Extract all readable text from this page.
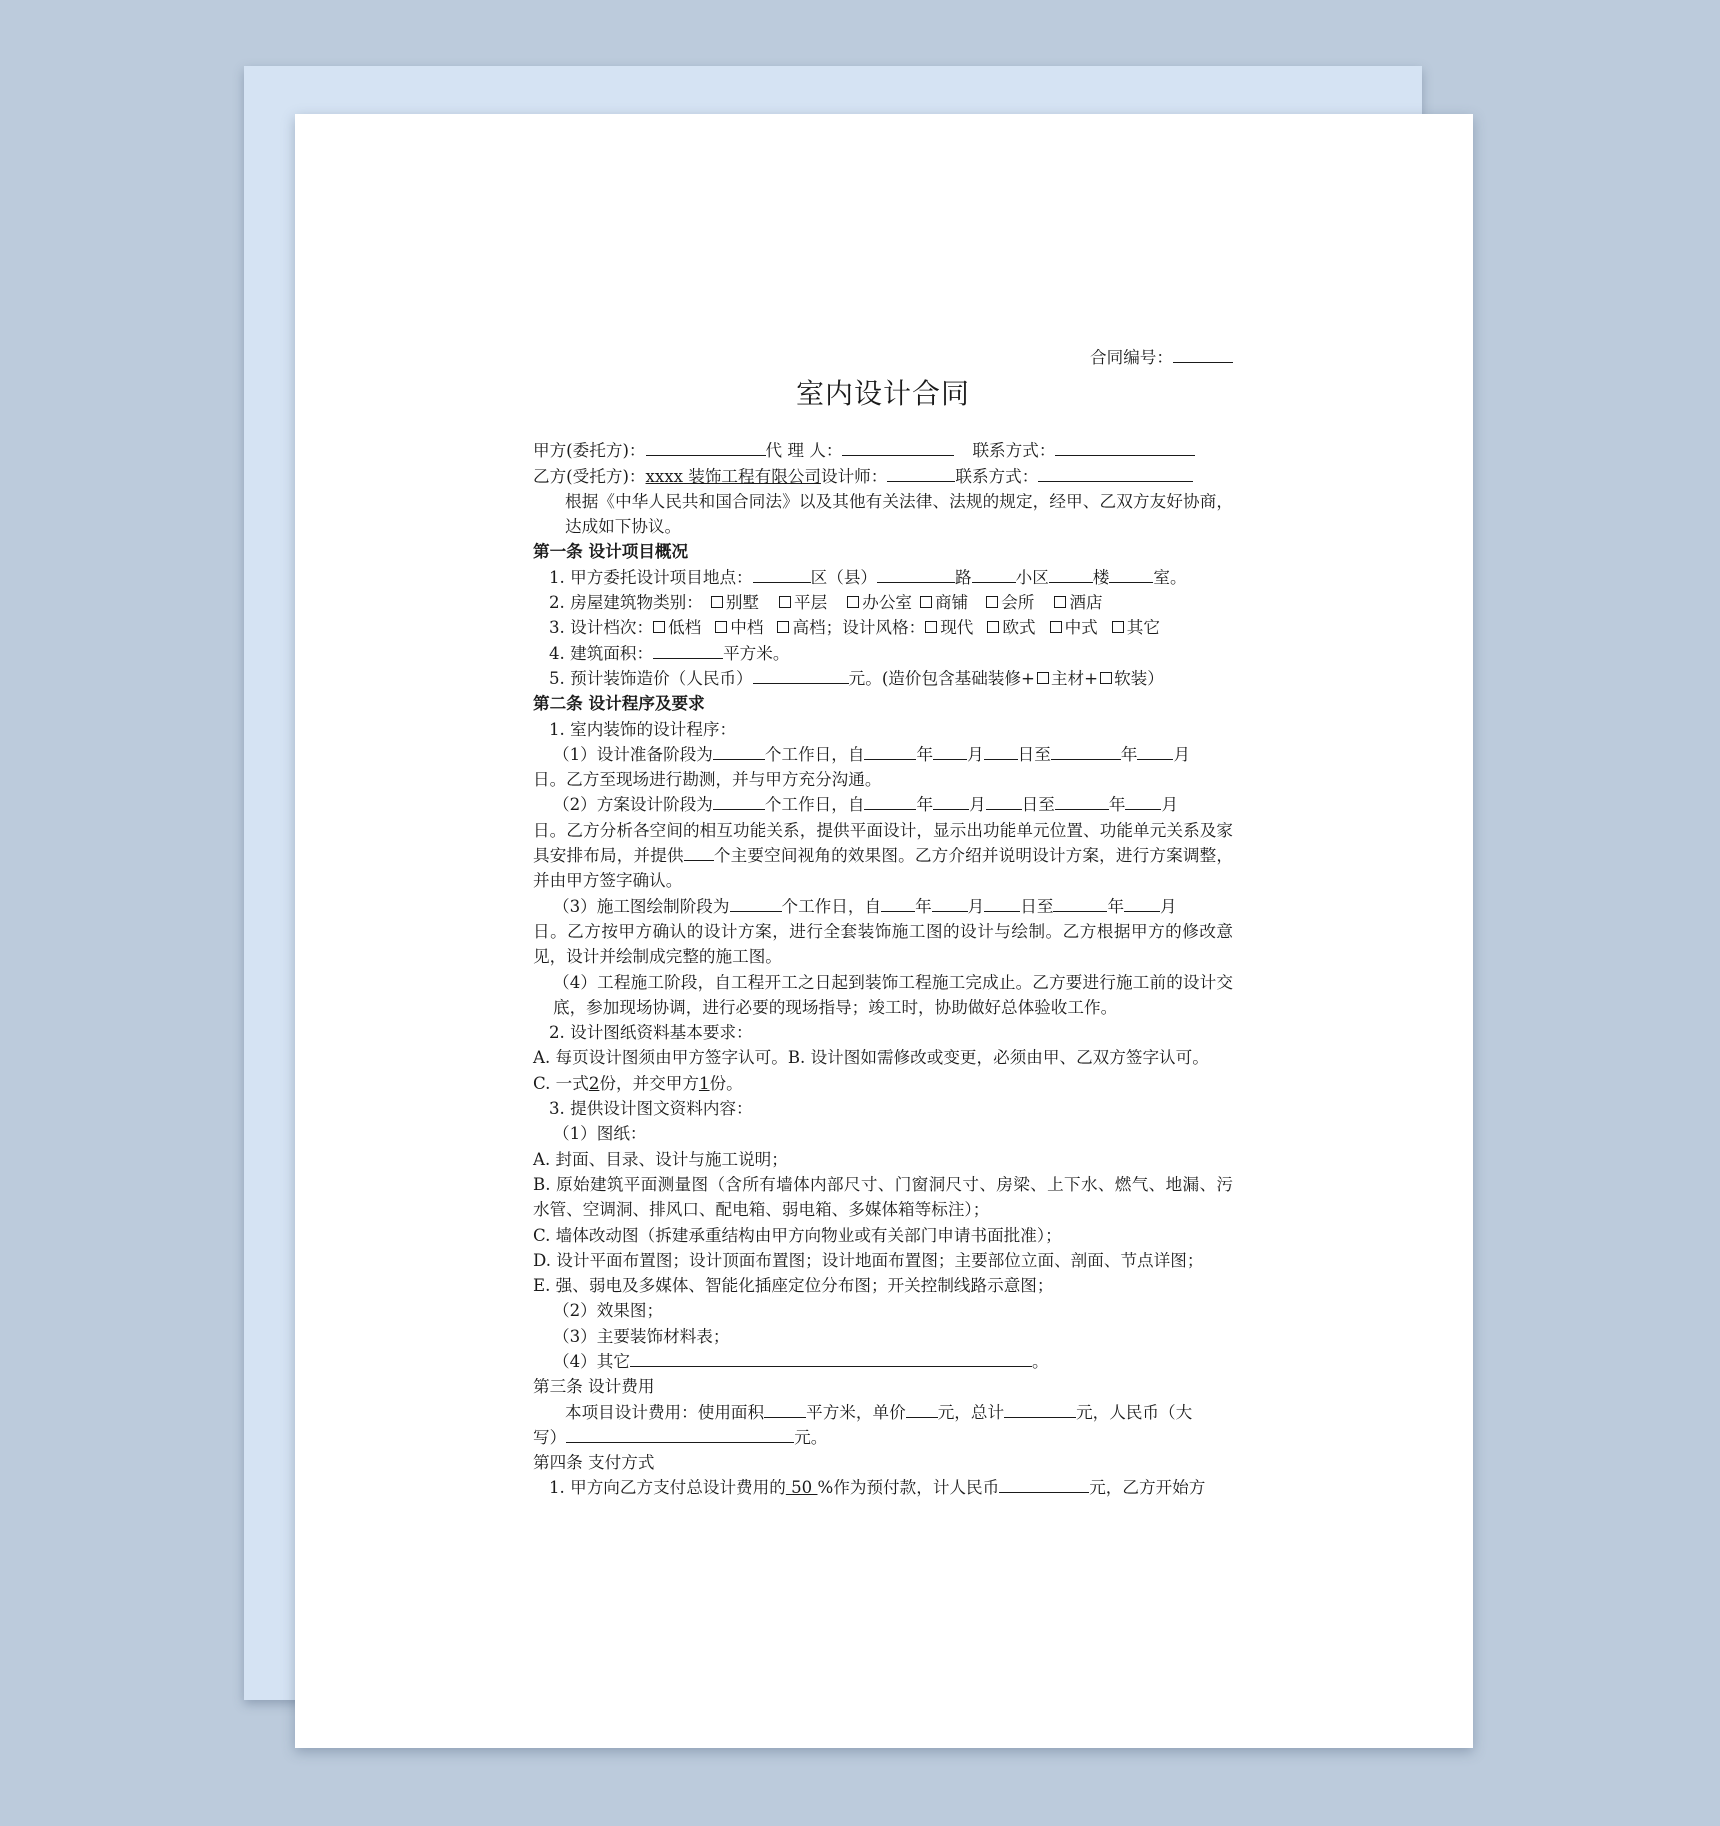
合同编号：
室内设计合同
甲方(委托方)：	代 理 人：	联系方式：
乙方(受托方)：xxxx 装饰工程有限公司设计师：	联系方式：
根据《中华人民共和国合同法》以及其他有关法律、法规的规定，经甲、乙双方友好协商，达成如下协议。
第一条 设计项目概况
1. 甲方委托设计项目地点：	区（县）	路	小区	楼	室。
2. 房屋建筑物类别： 别墅 平层 办公室 商铺 会所 酒店
3. 设计档次： 低档 中档 高档；设计风格： 现代 欧式 中式 其它
4. 建筑面积：	平方米。
5. 预计装饰造价（人民币）	元。(造价包含基础装修+ 主材+ 软装）
第二条 设计程序及要求
1. 室内装饰的设计程序：
（1）设计准备阶段为	个工作日，自	年 月 日至	年 月
日。乙方至现场进行勘测，并与甲方充分沟通。
（2）方案设计阶段为	个工作日，自	年 月 日至	年 月
日。乙方分析各空间的相互功能关系，提供平面设计，显示出功能单元位置、功能单元关系及家具安排布局，并提供 个主要空间视角的效果图。乙方介绍并说明设计方案，进行方案调整，并由甲方签字确认。
（3）施工图绘制阶段为	个工作日，自 年 月 日至	年 月
日。乙方按甲方确认的设计方案，进行全套装饰施工图的设计与绘制。乙方根据甲方的修改意见，设计并绘制成完整的施工图。
（4）工程施工阶段，自工程开工之日起到装饰工程施工完成止。乙方要进行施工前的设计交底，参加现场协调，进行必要的现场指导；竣工时，协助做好总体验收工作。
2. 设计图纸资料基本要求：
A. 每页设计图须由甲方签字认可。B. 设计图如需修改或变更，必须由甲、乙双方签字认可。
C. 一式2份，并交甲方1份。
3. 提供设计图文资料内容：
（1）图纸：
A. 封面、目录、设计与施工说明；
B. 原始建筑平面测量图（含所有墙体内部尺寸、门窗洞尺寸、房梁、上下水、燃气、地漏、污水管、空调洞、排风口、配电箱、弱电箱、多媒体箱等标注）；
C. 墙体改动图（拆建承重结构由甲方向物业或有关部门申请书面批准）；
D. 设计平面布置图；设计顶面布置图；设计地面布置图；主要部位立面、剖面、节点详图；
E. 强、弱电及多媒体、智能化插座定位分布图；开关控制线路示意图；
（2）效果图；
（3）主要装饰材料表；
（4）其它	。
第三条 设计费用
本项目设计费用：使用面积	平方米，单价 元，总计	元，人民币（大
写）	元。
第四条 支付方式
1. 甲方向乙方支付总设计费用的 50 %作为预付款，计人民币	元，乙方开始方
